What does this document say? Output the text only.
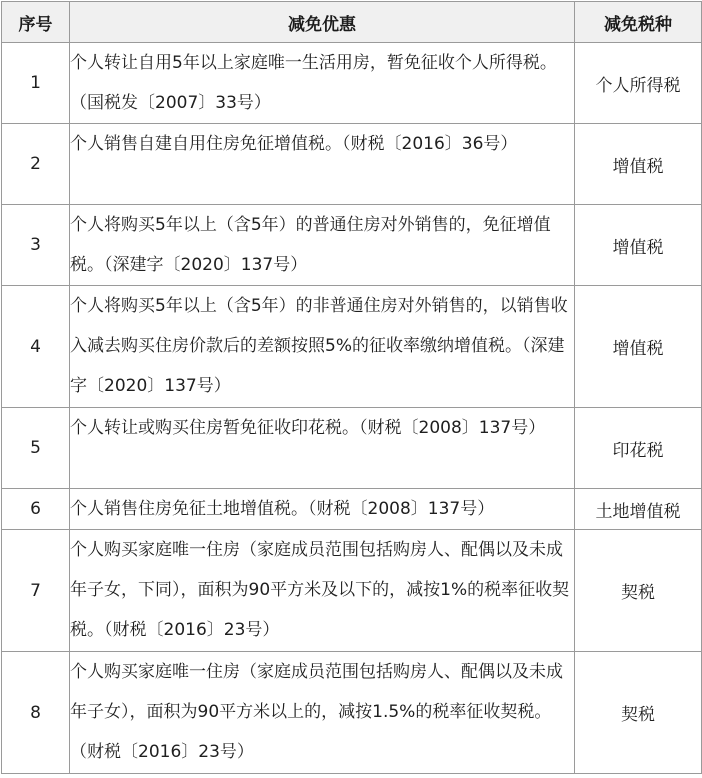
序号	减免优惠	减免税种
1	个人转让自用5年以上家庭唯一生活用房，暂免征收个人所得税。（国税发〔2007〕33号）	个人所得税
2	个人销售自建自用住房免征增值税。（财税〔2016〕36号）	增值税
3	个人将购买5年以上（含5年）的普通住房对外销售的，免征增值税。（深建字〔2020〕137号）	增值税
4	个人将购买5年以上（含5年）的非普通住房对外销售的，以销售收入减去购买住房价款后的差额按照5%的征收率缴纳增值税。（深建字〔2020〕137号）	增值税
5	个人转让或购买住房暂免征收印花税。（财税〔2008〕137号）	印花税
6	个人销售住房免征土地增值税。（财税〔2008〕137号）	土地增值税
7	个人购买家庭唯一住房（家庭成员范围包括购房人、配偶以及未成年子女，下同），面积为90平方米及以下的，减按1%的税率征收契税。（财税〔2016〕23号）	契税
8	个人购买家庭唯一住房（家庭成员范围包括购房人、配偶以及未成年子女），面积为90平方米以上的，减按1.5%的税率征收契税。（财税〔2016〕23号）	契税
